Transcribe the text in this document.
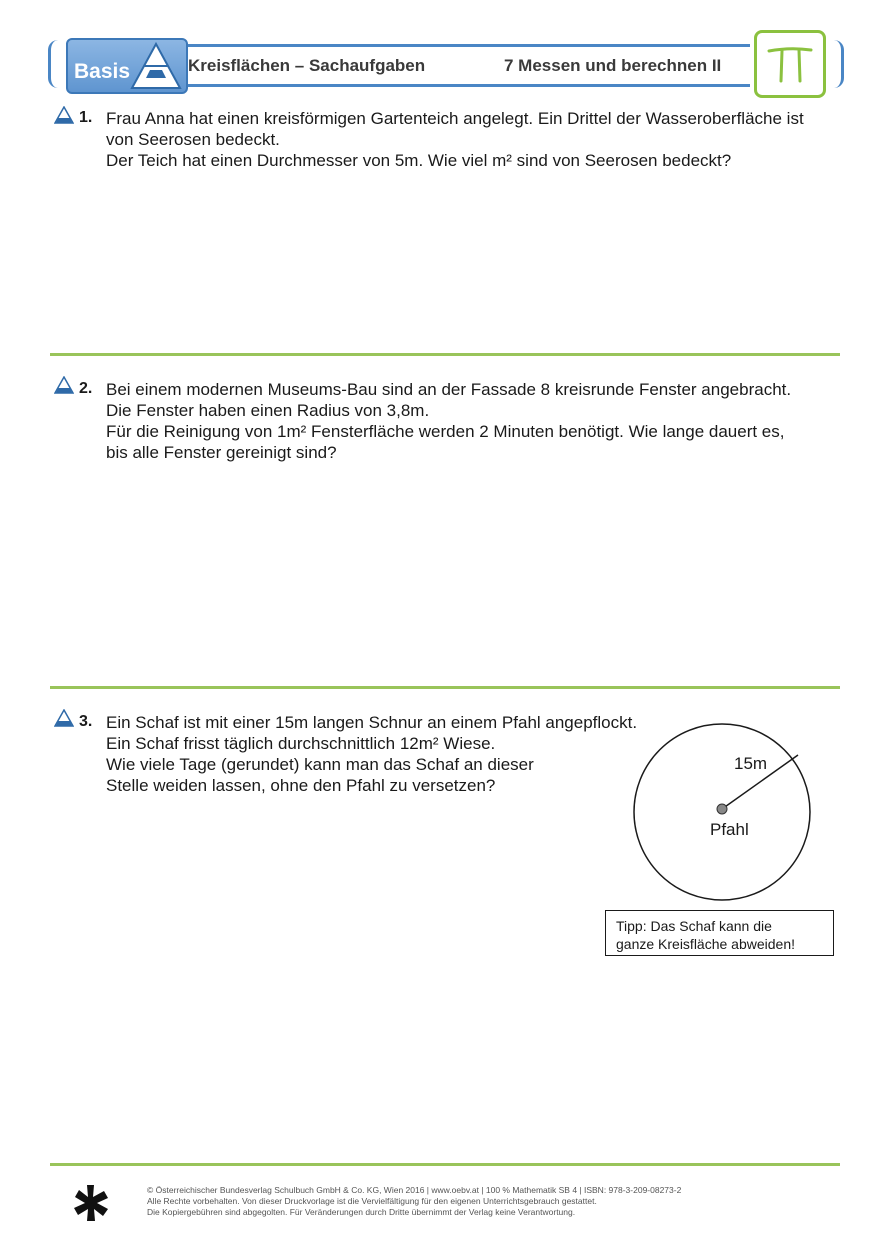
Basis	Kreisflächen – Sachaufgaben	7 Messen und berechnen II
1. Frau Anna hat einen kreisförmigen Gartenteich angelegt. Ein Drittel der Wasseroberfläche ist
von Seerosen bedeckt.
Der Teich hat einen Durchmesser von 5m. Wie viel m² sind von Seerosen bedeckt?
2. Bei einem modernen Museums-Bau sind an der Fassade 8 kreisrunde Fenster angebracht.
Die Fenster haben einen Radius von 3,8m.
Für die Reinigung von 1m² Fensterfläche werden 2 Minuten benötigt. Wie lange dauert es,
bis alle Fenster gereinigt sind?
3. Ein Schaf ist mit einer 15m langen Schnur an einem Pfahl angepflockt.
Ein Schaf frisst täglich durchschnittlich 12m² Wiese.
Wie viele Tage (gerundet) kann man das Schaf an dieser
Stelle weiden lassen, ohne den Pfahl zu versetzen?
15m
Pfahl
Tipp: Das Schaf kann die
ganze Kreisfläche abweiden!
© Österreichischer Bundesverlag Schulbuch GmbH & Co. KG, Wien 2016 | www.oebv.at | 100 % Mathematik SB 4 | ISBN: 978-3-209-08273-2
Alle Rechte vorbehalten. Von dieser Druckvorlage ist die Vervielfältigung für den eigenen Unterrichtsgebrauch gestattet.
Die Kopiergebühren sind abgegolten. Für Veränderungen durch Dritte übernimmt der Verlag keine Verantwortung.
